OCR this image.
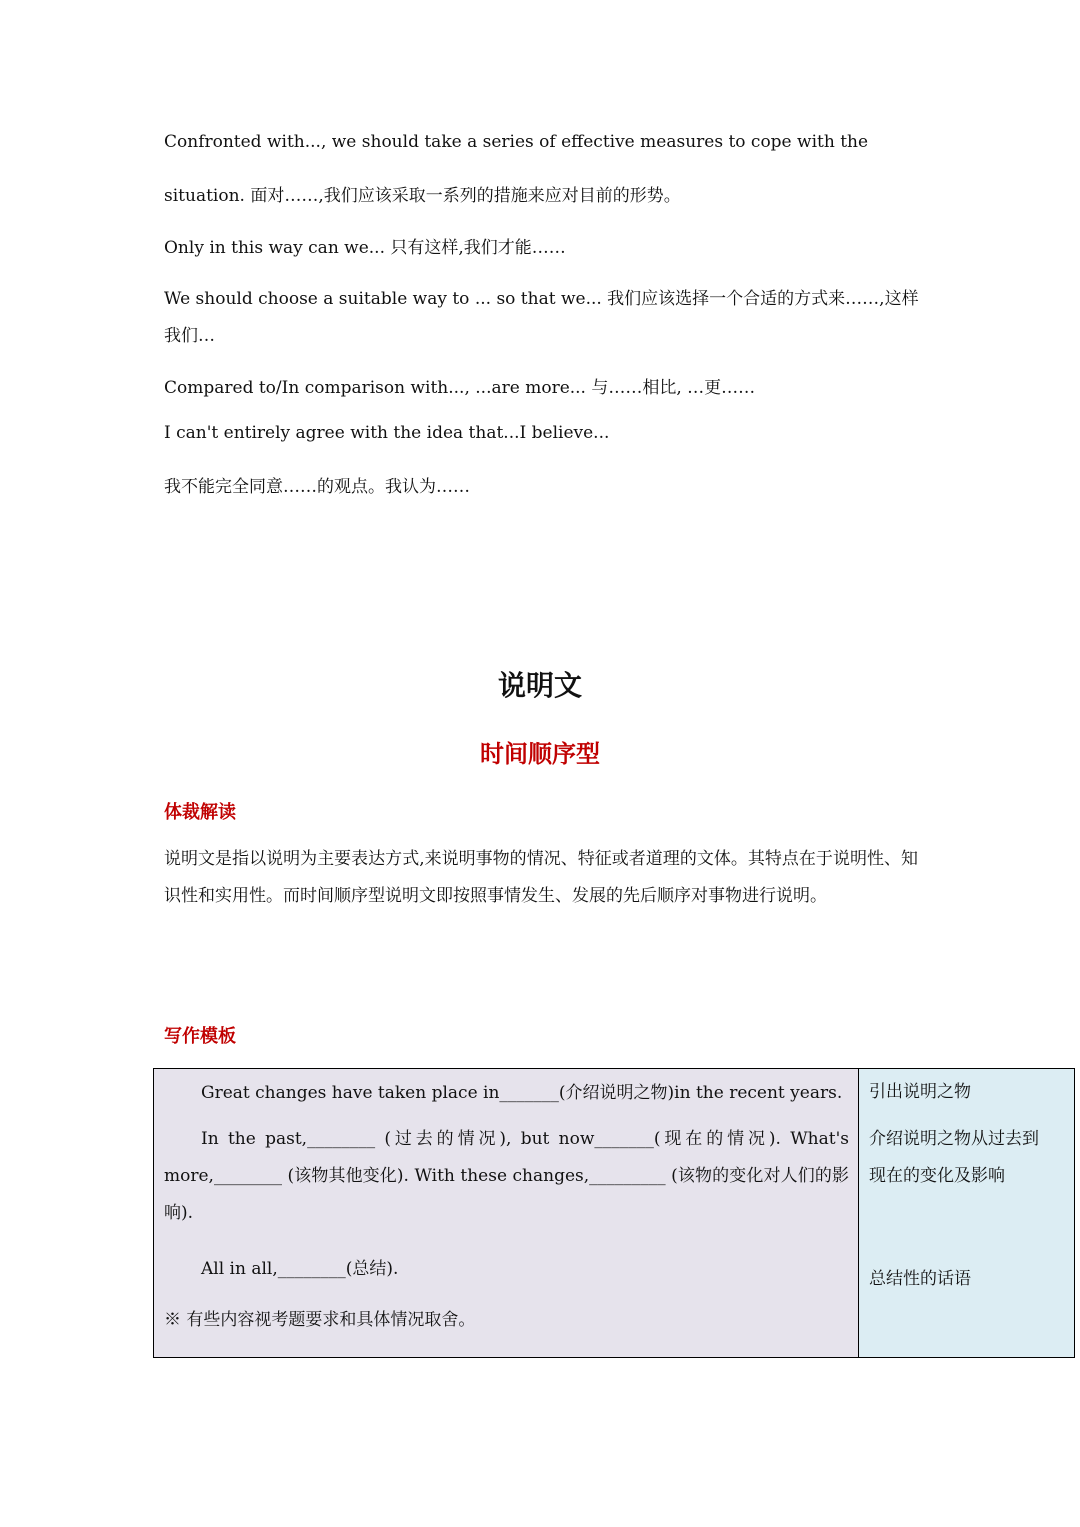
Confronted with..., we should take a series of effective measures to cope with the
situation. 面对……,我们应该采取一系列的措施来应对目前的形势。
Only in this way can we... 只有这样,我们才能……
We should choose a suitable way to ... so that we... 我们应该选择一个合适的方式来……,这样
我们…
Compared to/In comparison with..., ...are more... 与……相比, …更……
I can't entirely agree with the idea that...I believe...
我不能完全同意……的观点。我认为……
说明文
时间顺序型
体裁解读
说明文是指以说明为主要表达方式,来说明事物的情况、特征或者道理的文体。其特点在于说明性、知识性和实用性。而时间顺序型说明文即按照事情发生、发展的先后顺序对事物进行说明。
写作模板
Great changes have taken place in_______(介绍说明之物)in the recent years.
In the past,________ (过去的情况), but now_______(现在的情况). What's more,________ (该物其他变化). With these changes,_________ (该物的变化对人们的影响).
All in all,________(总结).
※ 有些内容视考题要求和具体情况取舍。
引出说明之物
介绍说明之物从过去到现在的变化及影响
总结性的话语
